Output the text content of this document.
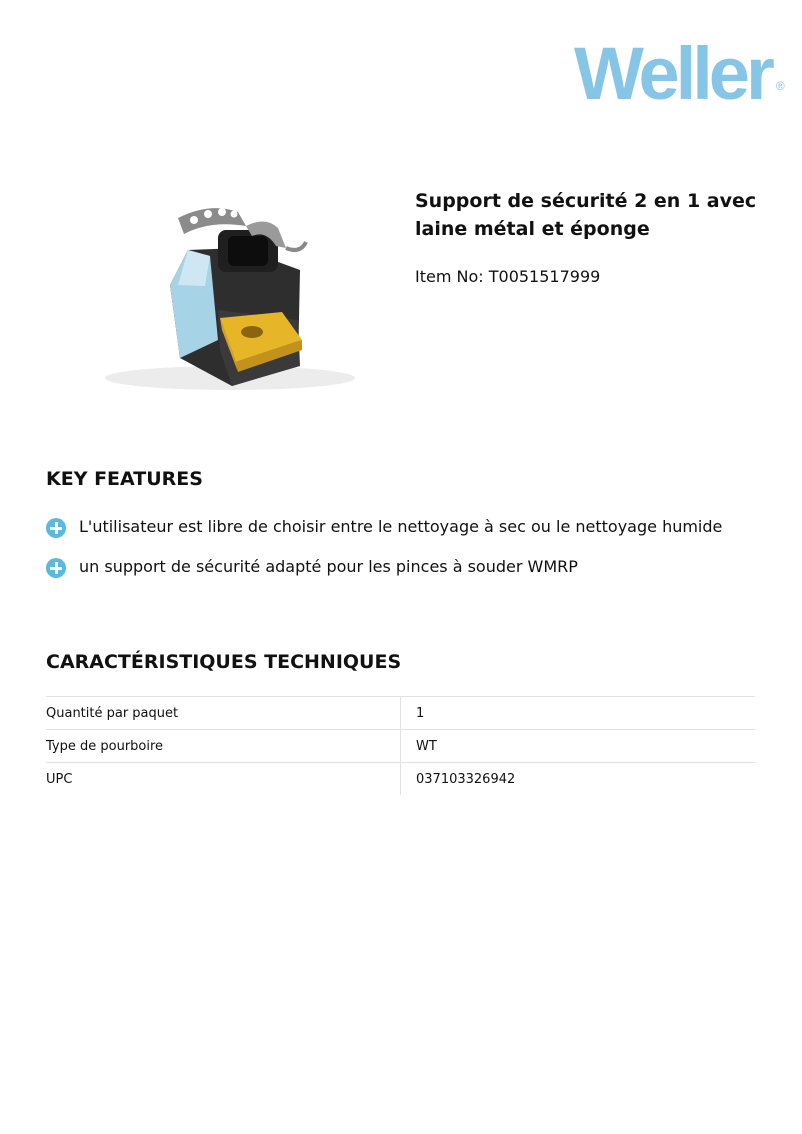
Weller ®
Support de sécurité 2 en 1 avec laine métal et éponge
Item No: T0051517999
KEY FEATURES
L'utilisateur est libre de choisir entre le nettoyage à sec ou le nettoyage humide
un support de sécurité adapté pour les pinces à souder WMRP
CARACTÉRISTIQUES TECHNIQUES
Quantité par paquet	1
Type de pourboire	WT
UPC	037103326942
